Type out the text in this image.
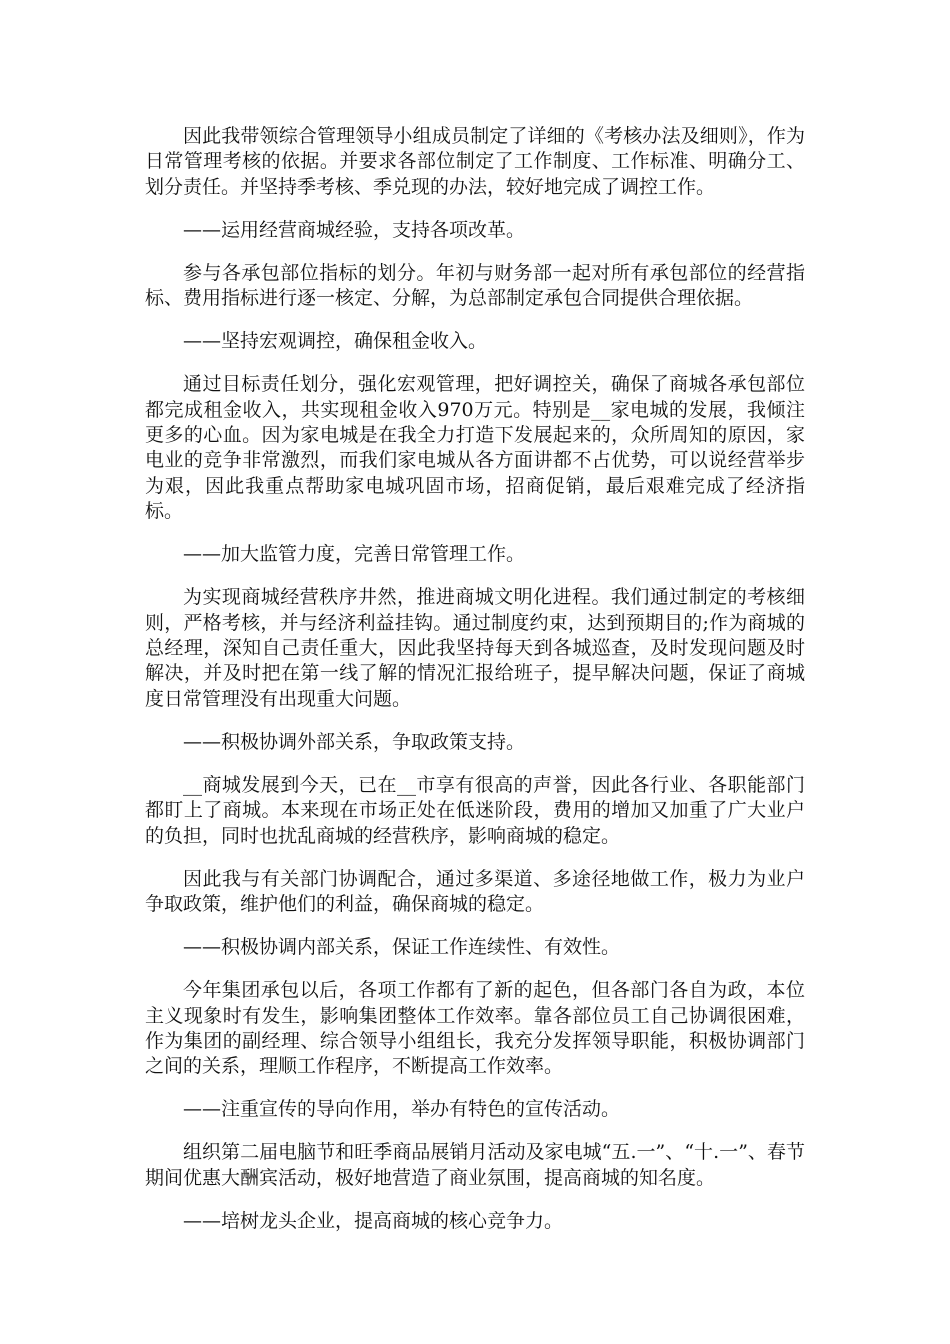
因此我带领综合管理领导小组成员制定了详细的《考核办法及细则》，作为日常管理考核的依据。并要求各部位制定了工作制度、工作标准、明确分工、划分责任。并坚持季考核、季兑现的办法，较好地完成了调控工作。

——运用经营商城经验，支持各项改革。

参与各承包部位指标的划分。年初与财务部一起对所有承包部位的经营指标、费用指标进行逐一核定、分解，为总部制定承包合同提供合理依据。

——坚持宏观调控，确保租金收入。

通过目标责任划分，强化宏观管理，把好调控关，确保了商城各承包部位都完成租金收入，共实现租金收入970万元。特别是__家电城的发展，我倾注更多的心血。因为家电城是在我全力打造下发展起来的，众所周知的原因，家电业的竞争非常激烈，而我们家电城从各方面讲都不占优势，可以说经营举步为艰，因此我重点帮助家电城巩固市场，招商促销，最后艰难完成了经济指标。

——加大监管力度，完善日常管理工作。

为实现商城经营秩序井然，推进商城文明化进程。我们通过制定的考核细则，严格考核，并与经济利益挂钩。通过制度约束，达到预期目的;作为商城的总经理，深知自己责任重大，因此我坚持每天到各城巡查，及时发现问题及时解决，并及时把在第一线了解的情况汇报给班子，提早解决问题，保证了商城度日常管理没有出现重大问题。

——积极协调外部关系，争取政策支持。

__商城发展到今天，已在__市享有很高的声誉，因此各行业、各职能部门都盯上了商城。本来现在市场正处在低迷阶段，费用的增加又加重了广大业户的负担，同时也扰乱商城的经营秩序，影响商城的稳定。

因此我与有关部门协调配合，通过多渠道、多途径地做工作，极力为业户争取政策，维护他们的利益，确保商城的稳定。

——积极协调内部关系，保证工作连续性、有效性。

今年集团承包以后，各项工作都有了新的起色，但各部门各自为政，本位主义现象时有发生，影响集团整体工作效率。靠各部位员工自己协调很困难，作为集团的副经理、综合领导小组组长，我充分发挥领导职能，积极协调部门之间的关系，理顺工作程序，不断提高工作效率。

——注重宣传的导向作用，举办有特色的宣传活动。

组织第二届电脑节和旺季商品展销月活动及家电城“五.一”、“十.一”、春节期间优惠大酬宾活动，极好地营造了商业氛围，提高商城的知名度。

——培树龙头企业，提高商城的核心竞争力。
